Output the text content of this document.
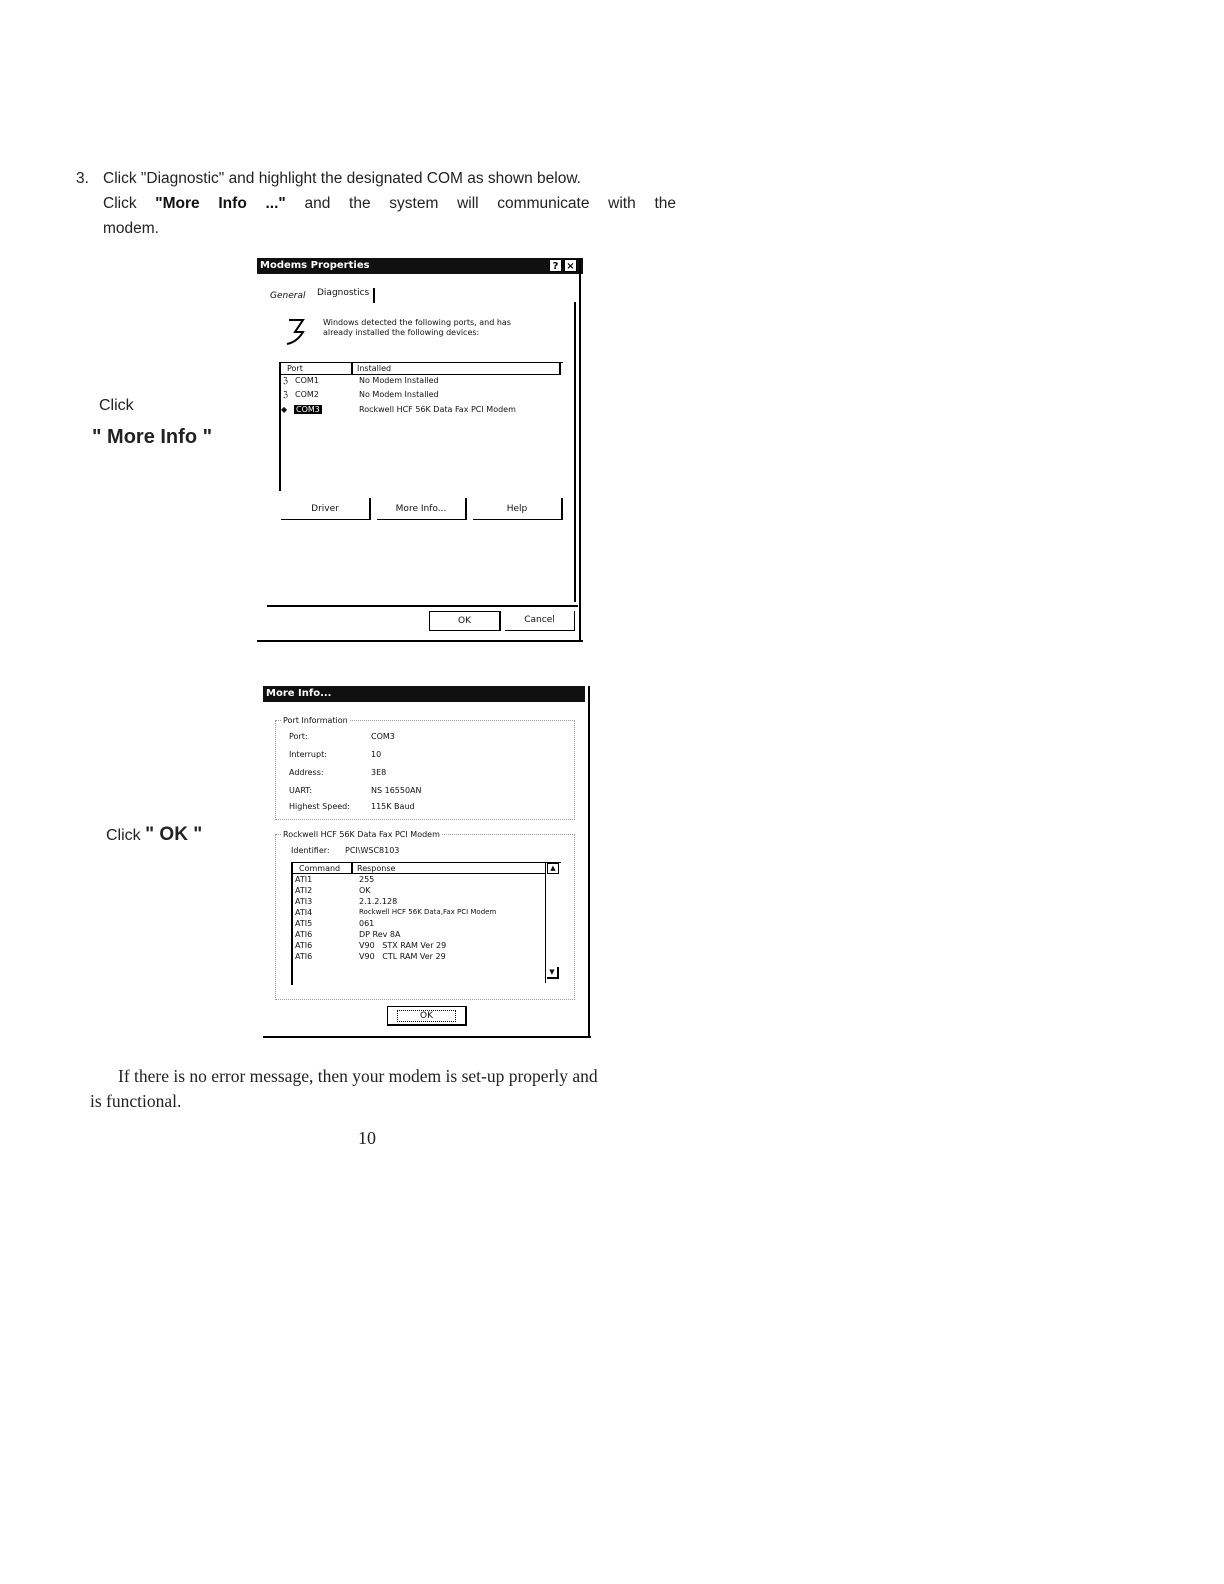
3. Click "Diagnostic" and highlight the designated COM as shown below.
Click "More Info ..." and the system will communicate with the
modem.
Click
" More Info "
Click " OK "
Modems Properties	? ×
General Diagnostics
Windows detected the following ports, and has
already installed the following devices:
Port	Installed
ℨ COM1	No Modem Installed
ℨ COM2	No Modem Installed
◆ COM3	Rockwell HCF 56K Data Fax PCI Modem
Driver	More Info...	Help
OK	Cancel
More Info...
Port Information
Port:	COM3
Interrupt:	10
Address:	3E8
UART:	NS 16550AN
Highest Speed:	115K Baud
Rockwell HCF 56K Data Fax PCI Modem
Identifier: PCI\WSC8103
Command	Response
ATI1	255
ATI2	OK
ATI3	2.1.2.128
ATI4	Rockwell HCF 56K Data,Fax PCI Modem
ATI5	061
ATI6	DP Rev 8A
ATI6	V90   STX RAM Ver 29
ATI6	V90   CTL RAM Ver 29
▲
▼
OK
If there is no error message, then your modem is set-up properly and
is functional.
10
